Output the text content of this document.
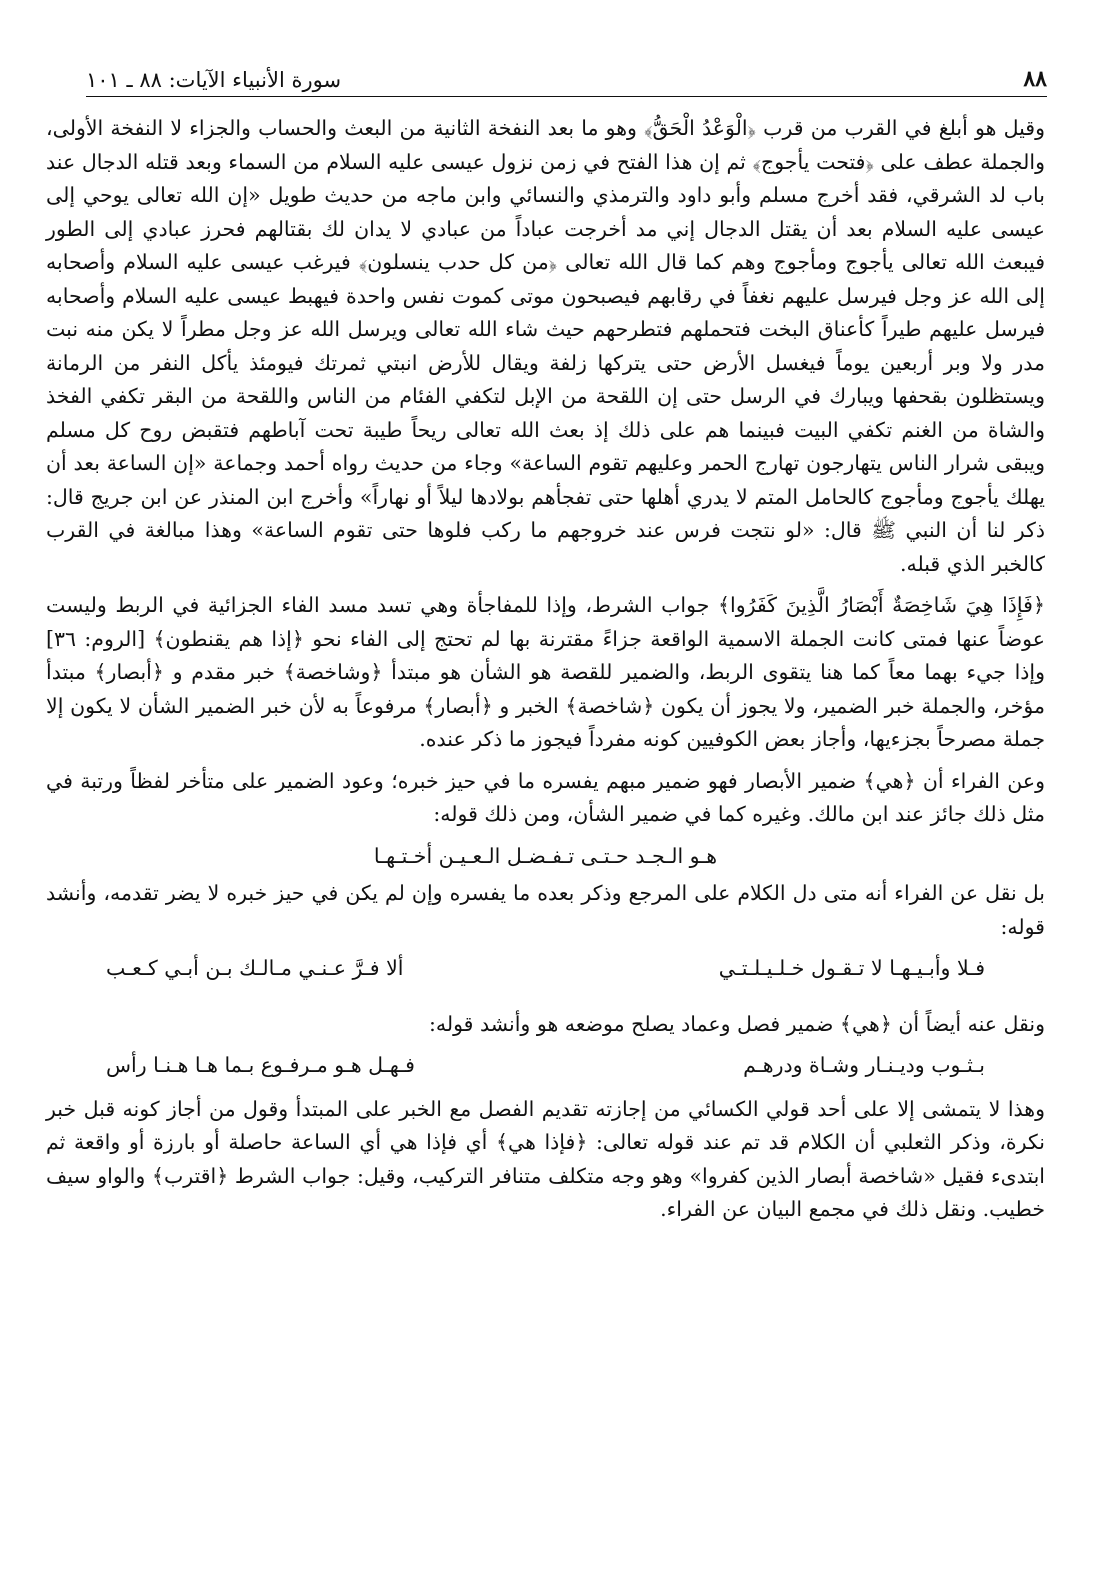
٨٨
سورة الأنبياء الآيات: ٨٨ ـ ١٠١

وقيل هو أبلغ في القرب من قرب ﴿الْوَعْدُ الْحَقُّ﴾ وهو ما بعد النفخة الثانية من البعث والحساب والجزاء لا النفخة الأولى، والجملة عطف على ﴿فتحت يأجوج﴾ ثم إن هذا الفتح في زمن نزول عيسى عليه السلام من السماء وبعد قتله الدجال عند باب لد الشرقي، فقد أخرج مسلم وأبو داود والترمذي والنسائي وابن ماجه من حديث طويل «إن الله تعالى يوحي إلى عيسى عليه السلام بعد أن يقتل الدجال إني مد أخرجت عباداً من عبادي لا يدان لك بقتالهم فحرز عبادي إلى الطور فيبعث الله تعالى يأجوج ومأجوج وهم كما قال الله تعالى ﴿من كل حدب ينسلون﴾ فيرغب عيسى عليه السلام وأصحابه إلى الله عز وجل فيرسل عليهم نغفاً في رقابهم فيصبحون موتى كموت نفس واحدة فيهبط عيسى عليه السلام وأصحابه فيرسل عليهم طيراً كأعناق البخت فتحملهم فتطرحهم حيث شاء الله تعالى ويرسل الله عز وجل مطراً لا يكن منه نبت مدر ولا وبر أربعين يوماً فيغسل الأرض حتى يتركها زلفة ويقال للأرض انبتي ثمرتك فيومئذ يأكل النفر من الرمانة ويستظلون بقحفها ويبارك في الرسل حتى إن اللقحة من الإبل لتكفي الفئام من الناس واللقحة من البقر تكفي الفخذ والشاة من الغنم تكفي البيت فبينما هم على ذلك إذ بعث الله تعالى ريحاً طيبة تحت آباطهم فتقبض روح كل مسلم ويبقى شرار الناس يتهارجون تهارج الحمر وعليهم تقوم الساعة» وجاء من حديث رواه أحمد وجماعة «إن الساعة بعد أن يهلك يأجوج ومأجوج كالحامل المتم لا يدري أهلها حتى تفجأهم بولادها ليلاً أو نهاراً» وأخرج ابن المنذر عن ابن جريج قال: ذكر لنا أن النبي ﷺ قال: «لو نتجت فرس عند خروجهم ما ركب فلوها حتى تقوم الساعة» وهذا مبالغة في القرب كالخبر الذي قبله.

﴿فَإِذَا هِيَ شَاخِصَةٌ أَبْصَارُ الَّذِينَ كَفَرُوا﴾ جواب الشرط، وإذا للمفاجأة وهي تسد مسد الفاء الجزائية في الربط وليست عوضاً عنها فمتى كانت الجملة الاسمية الواقعة جزاءً مقترنة بها لم تحتج إلى الفاء نحو ﴿إذا هم يقنطون﴾ [الروم: ٣٦] وإذا جيء بهما معاً كما هنا يتقوى الربط، والضمير للقصة هو الشأن هو مبتدأ ﴿وشاخصة﴾ خبر مقدم و ﴿أبصار﴾ مبتدأ مؤخر، والجملة خبر الضمير، ولا يجوز أن يكون ﴿شاخصة﴾ الخبر و ﴿أبصار﴾ مرفوعاً به لأن خبر الضمير الشأن لا يكون إلا جملة مصرحاً بجزءيها، وأجاز بعض الكوفيين كونه مفرداً فيجوز ما ذكر عنده.

وعن الفراء أن ﴿هي﴾ ضمير الأبصار فهو ضمير مبهم يفسره ما في حيز خبره؛ وعود الضمير على متأخر لفظاً ورتبة في مثل ذلك جائز عند ابن مالك. وغيره كما في ضمير الشأن، ومن ذلك قوله:

هـو الـجـد حـتـى تـفـضـل الـعـيـن أخـتـهـا

بل نقل عن الفراء أنه متى دل الكلام على المرجع وذكر بعده ما يفسره وإن لم يكن في حيز خبره لا يضر تقدمه، وأنشد قوله:

فـلا وأبـيـهـا لا تـقـول خـلـيـلـتـي
ألا فـرَّ عـنـي مـالـك بـن أبـي كـعـب

ونقل عنه أيضاً أن ﴿هي﴾ ضمير فصل وعماد يصلح موضعه هو وأنشد قوله:

بـثـوب وديـنـار وشـاة ودرهـم
فـهـل هـو مـرفـوع بـما هـا هـنـا رأس

وهذا لا يتمشى إلا على أحد قولي الكسائي من إجازته تقديم الفصل مع الخبر على المبتدأ وقول من أجاز كونه قبل خبر نكرة، وذكر الثعلبي أن الكلام قد تم عند قوله تعالى: ﴿فإذا هي﴾ أي فإذا هي أي الساعة حاصلة أو بارزة أو واقعة ثم ابتدىء فقيل «شاخصة أبصار الذين كفروا» وهو وجه متكلف متنافر التركيب، وقيل: جواب الشرط ﴿اقترب﴾ والواو سيف خطيب. ونقل ذلك في مجمع البيان عن الفراء.
